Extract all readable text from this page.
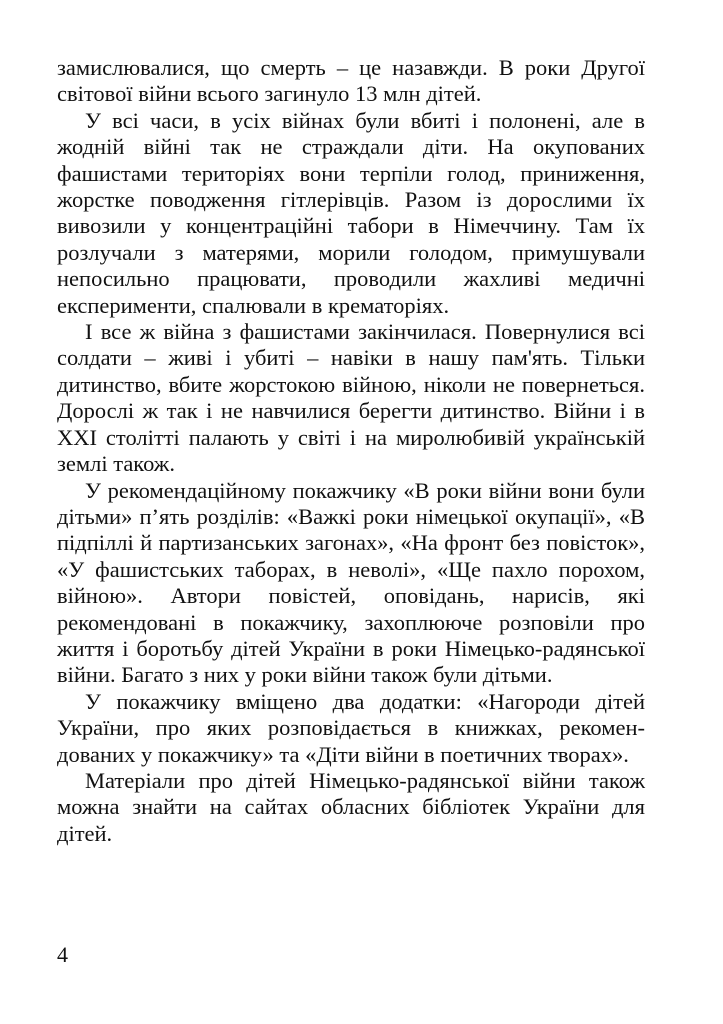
замислювалися, що смерть – це назавжди. В роки Другої світової війни всього загинуло 13 млн дітей.

У всі часи, в усіх війнах були вбиті і полонені, але в жодній війні так не страждали діти. На окупованих фашистами територіях вони терпіли голод, приниження, жорстке поводження гітлерівців. Разом із дорослими їх вивозили у концентраційні табори в Німеччину. Там їх розлучали з матерями, морили голодом, примушували непосильно працювати, проводили жахливі медичні експерименти, спалювали в крематоріях.

І все ж війна з фашистами закінчилася. Повернулися всі солдати – живі і убиті – навіки в нашу пам'ять. Тільки дитинство, вбите жорстокою війною, ніколи не повернеться. Дорослі ж так і не навчилися берегти дитинство. Війни і в XXI столітті палають у світі і на миролюбивій українській землі також.

У рекомендаційному покажчику «В роки війни вони були дітьми» п’ять розділів: «Важкі роки німецької окупації», «В підпіллі й партизанських загонах», «На фронт без повісток», «У фашистських таборах, в неволі», «Ще пахло порохом, війною». Автори повістей, оповідань, нарисів, які рекомендовані в покажчику, захоплююче розповіли про життя і боротьбу дітей України в роки Німецько-радянської війни. Багато з них у роки війни також були дітьми.

У покажчику вміщено два додатки: «Нагороди дітей України, про яких розповідається в книжках, рекомендованих у покажчику» та «Діти війни в поетичних творах».

Матеріали про дітей Німецько-радянської війни також можна знайти на сайтах обласних бібліотек України для дітей.

4
